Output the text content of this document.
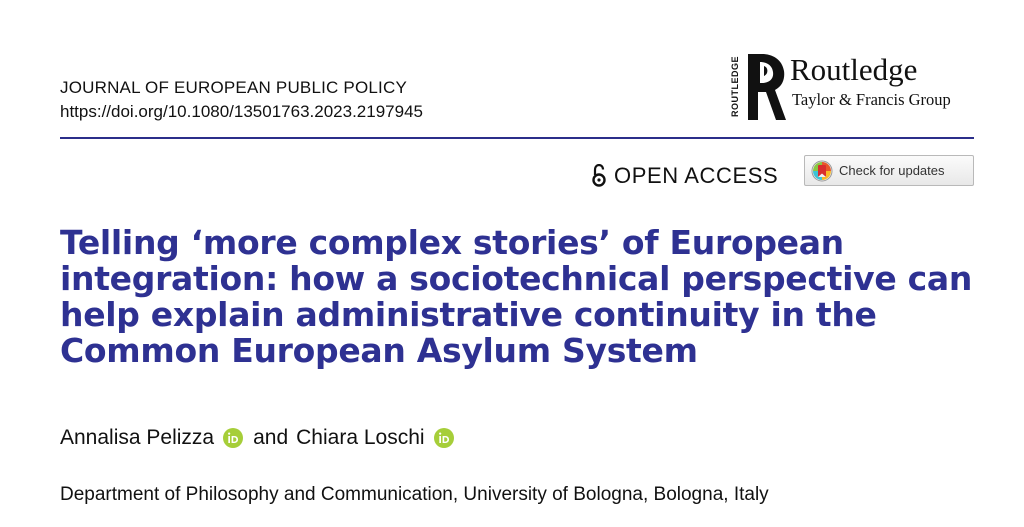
JOURNAL OF EUROPEAN PUBLIC POLICY
https://doi.org/10.1080/13501763.2023.2197945	ROUTLEDGE Routledge
Taylor & Francis Group
OPEN ACCESS	Check for updates
Telling ‘more complex stories’ of European integration: how a sociotechnical perspective can help explain administrative continuity in the Common European Asylum System
Annalisa Pelizza and Chiara Loschi
Department of Philosophy and Communication, University of Bologna, Bologna, Italy
